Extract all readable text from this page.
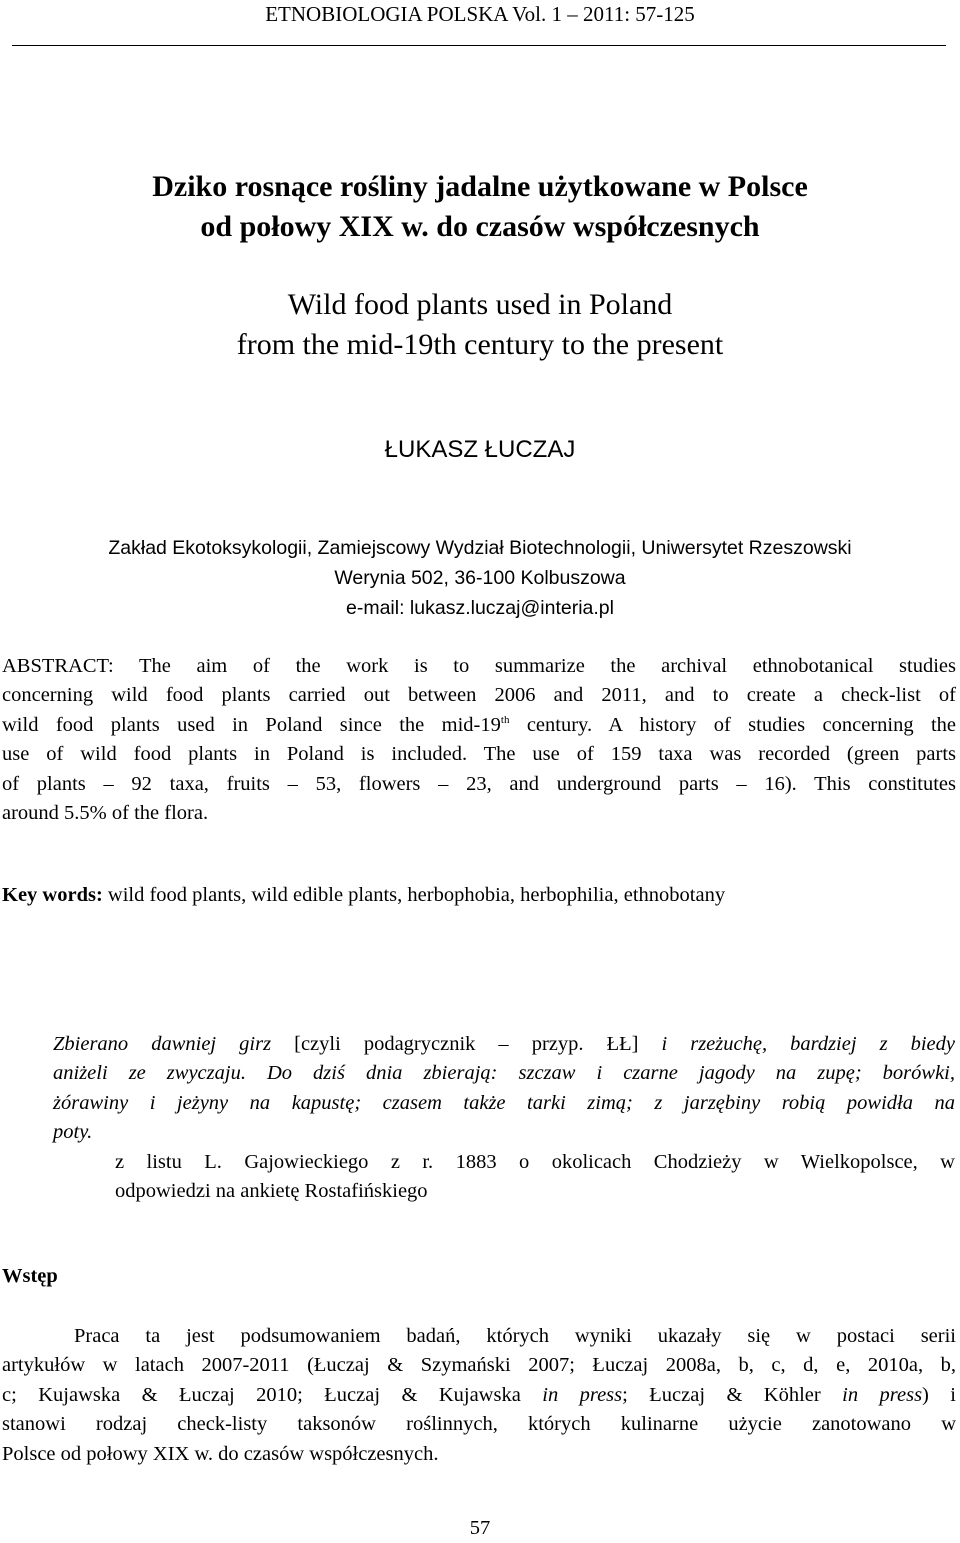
ETNOBIOLOGIA POLSKA Vol. 1 – 2011: 57-125
Dziko rosnące rośliny jadalne użytkowane w Polsce
od połowy XIX w. do czasów współczesnych
Wild food plants used in Poland
from the mid-19th century to the present
ŁUKASZ ŁUCZAJ
Zakład Ekotoksykologii, Zamiejscowy Wydział Biotechnologii, Uniwersytet Rzeszowski
Werynia 502, 36-100 Kolbuszowa
e-mail: lukasz.luczaj@interia.pl
ABSTRACT: The aim of the work is to summarize the archival ethnobotanical studies
concerning wild food plants carried out between 2006 and 2011, and to create a check-list of
wild food plants used in Poland since the mid-19th century. A history of studies concerning the
use of wild food plants in Poland is included. The use of 159 taxa was recorded (green parts
of plants – 92 taxa, fruits – 53, flowers – 23, and underground parts – 16). This constitutes
around 5.5% of the flora.
Key words: wild food plants, wild edible plants, herbophobia, herbophilia, ethnobotany
Zbierano dawniej girz [czyli podagrycznik – przyp. ŁŁ] i rzeżuchę, bardziej z biedy
aniżeli ze zwyczaju. Do dziś dnia zbierają: szczaw i czarne jagody na zupę; borówki,
żórawiny i jeżyny na kapustę; czasem także tarki zimą; z jarzębiny robią powidła na
poty.
z listu L. Gajowieckiego z r. 1883 o okolicach Chodzieży w Wielkopolsce, w
odpowiedzi na ankietę Rostafińskiego
Wstęp
Praca ta jest podsumowaniem badań, których wyniki ukazały się w postaci serii
artykułów w latach 2007-2011 (Łuczaj & Szymański 2007; Łuczaj 2008a, b, c, d, e, 2010a, b,
c; Kujawska & Łuczaj 2010; Łuczaj & Kujawska in press; Łuczaj & Köhler in press) i
stanowi rodzaj check-listy taksonów roślinnych, których kulinarne użycie zanotowano w
Polsce od połowy XIX w. do czasów współczesnych.
57
